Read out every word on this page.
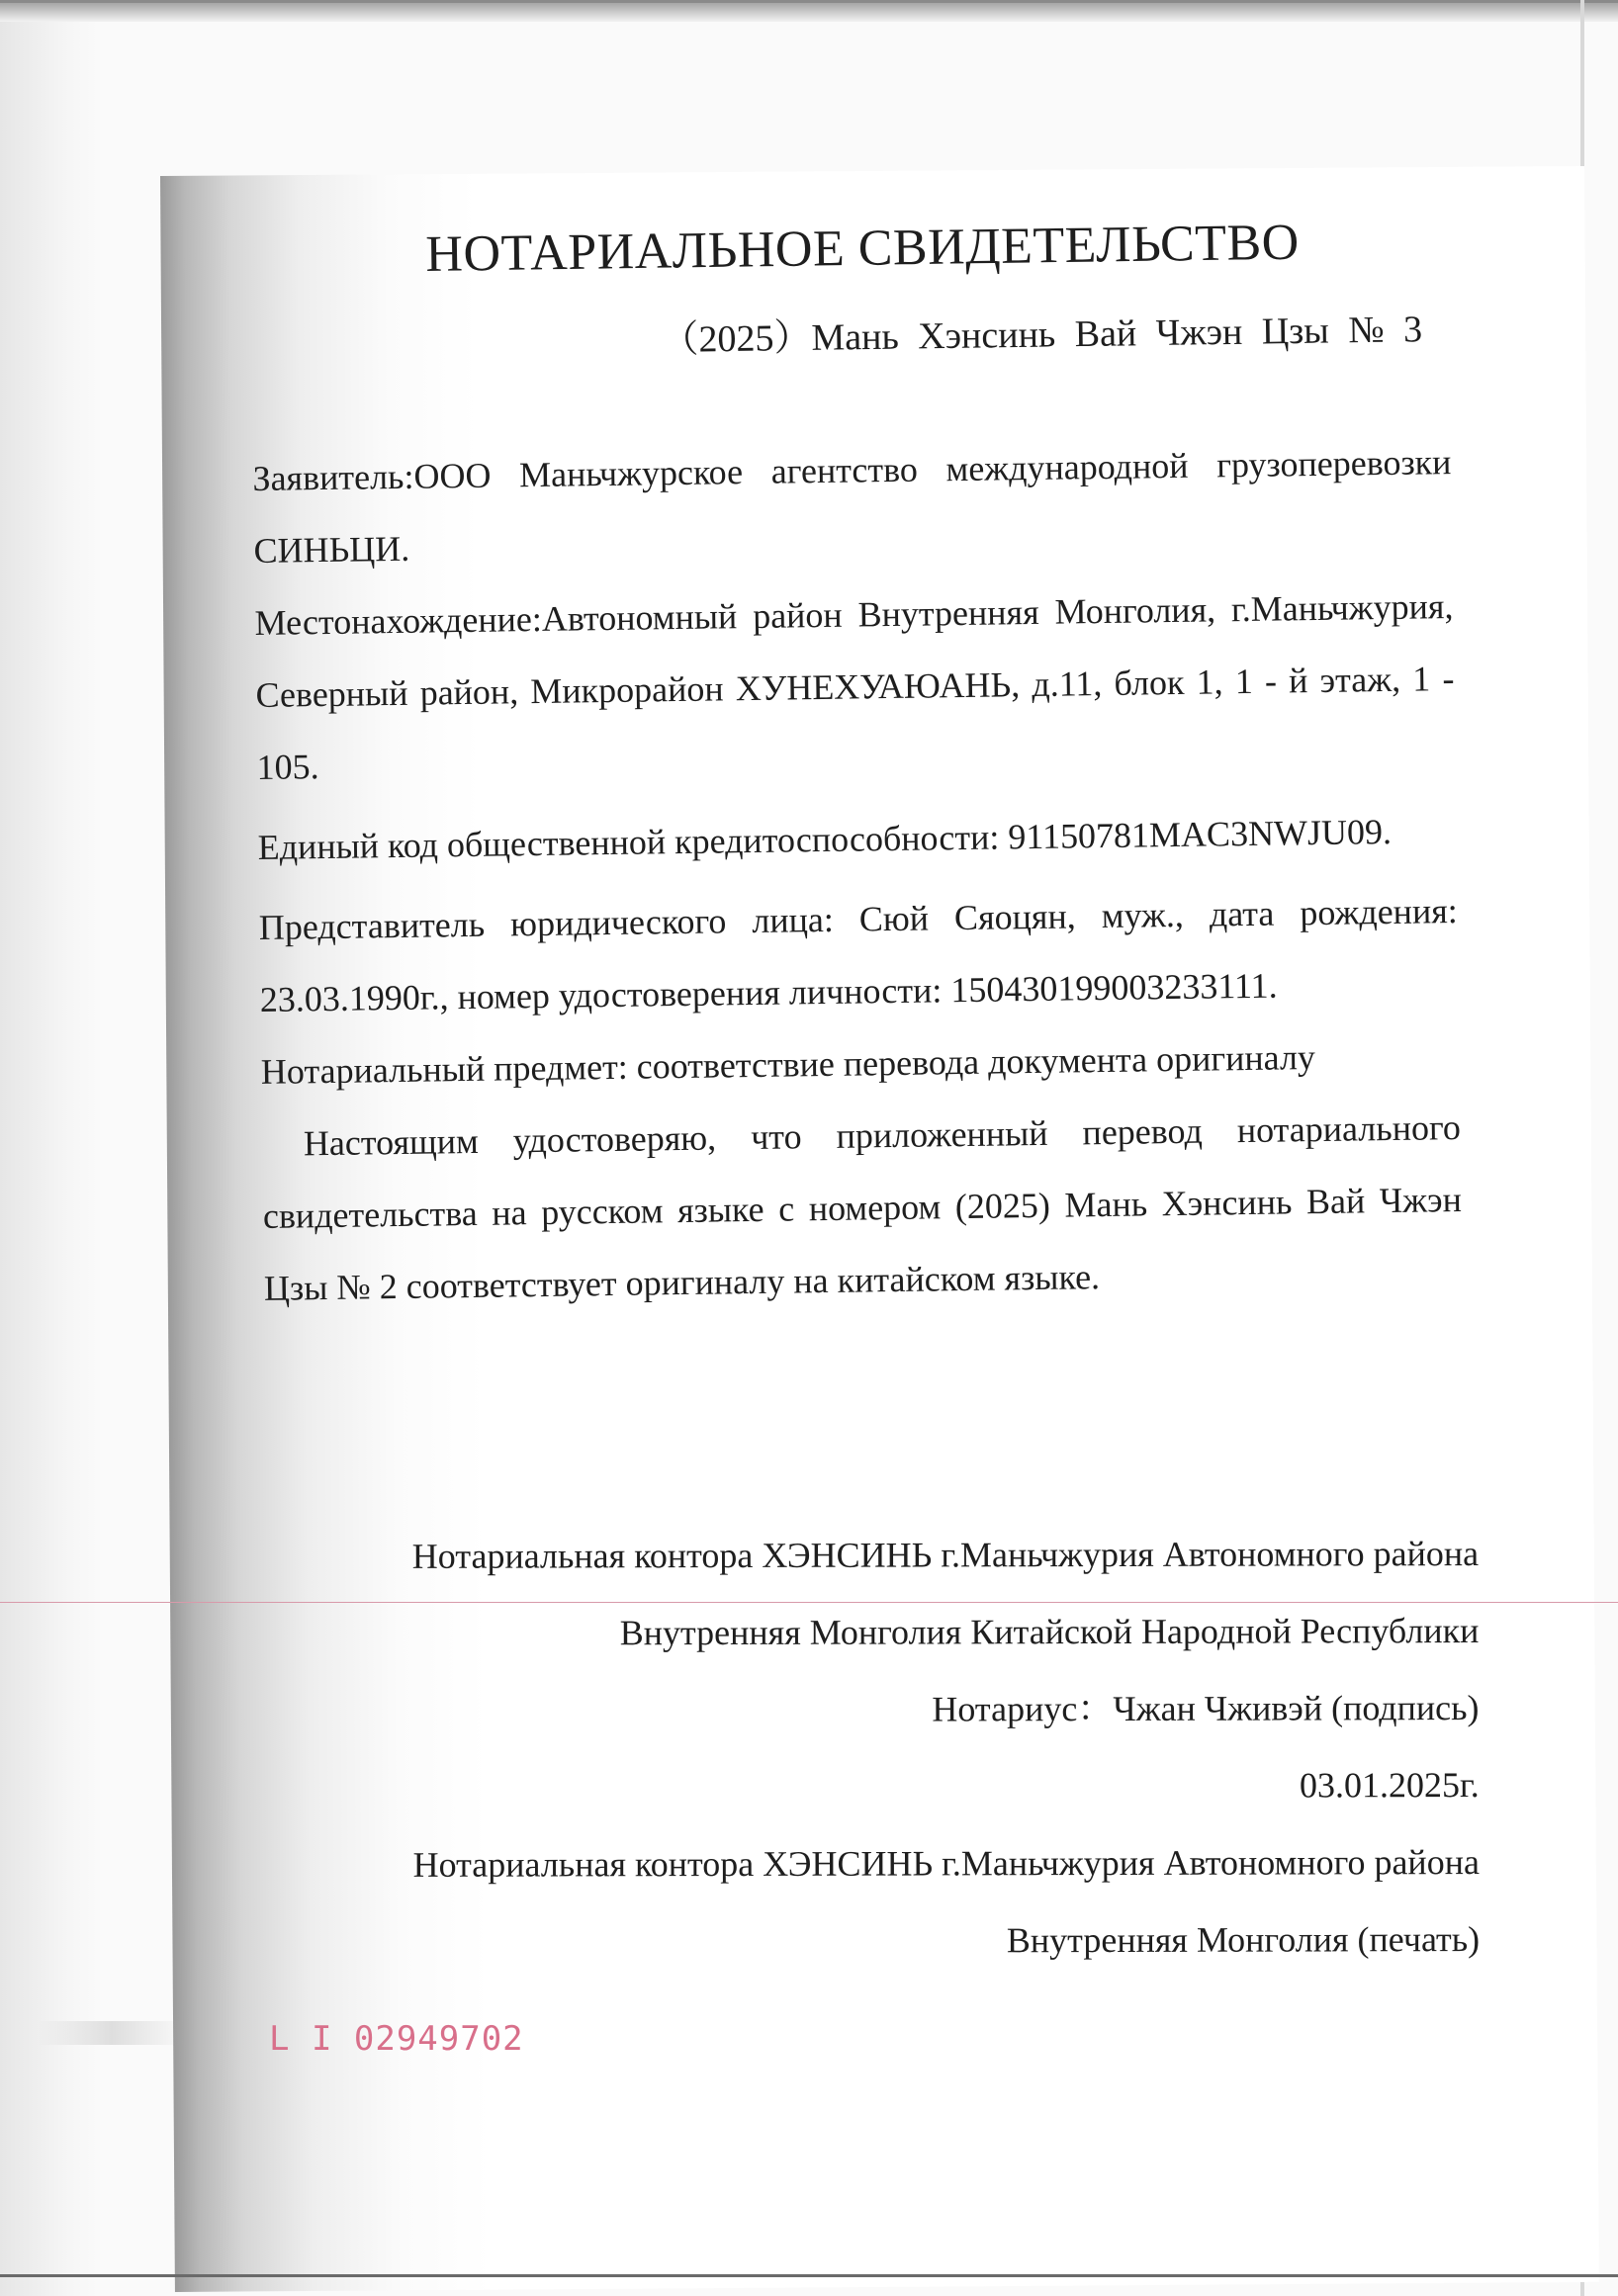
НОТАРИАЛЬНОЕ СВИДЕТЕЛЬСТВО
（2025）Мань Хэнсинь Вай Чжэн Цзы № 3

Заявитель:ООО Маньчжурское агентство международной грузоперевозки СИНЬЦИ.

Местонахождение:Автономный район Внутренняя Монголия, г.Маньчжурия, Северный район, Микрорайон ХУНЕХУАЮАНЬ, д.11, блок 1, 1 - й этаж, 1 - 105.

Единый код общественной кредитоспособности: 91150781MAC3NWJU09.

Представитель юридического лица: Сюй Сяоцян, муж., дата рождения: 23.03.1990г., номер удостоверения личности: 150430199003233111.

Нотариальный предмет: соответствие перевода документа оригиналу

Настоящим удостоверяю, что приложенный перевод нотариального свидетельства на русском языке с номером (2025) Мань Хэнсинь Вай Чжэн Цзы № 2 соответствует оригиналу на китайском языке.

Нотариальная контора ХЭНСИНЬ г.Маньчжурия Автономного района
Внутренняя Монголия Китайской Народной Республики
Нотариус：Чжан Чживэй (подпись)
03.01.2025г.
Нотариальная контора ХЭНСИНЬ г.Маньчжурия Автономного района
Внутренняя Монголия (печать)
L I 02949702
